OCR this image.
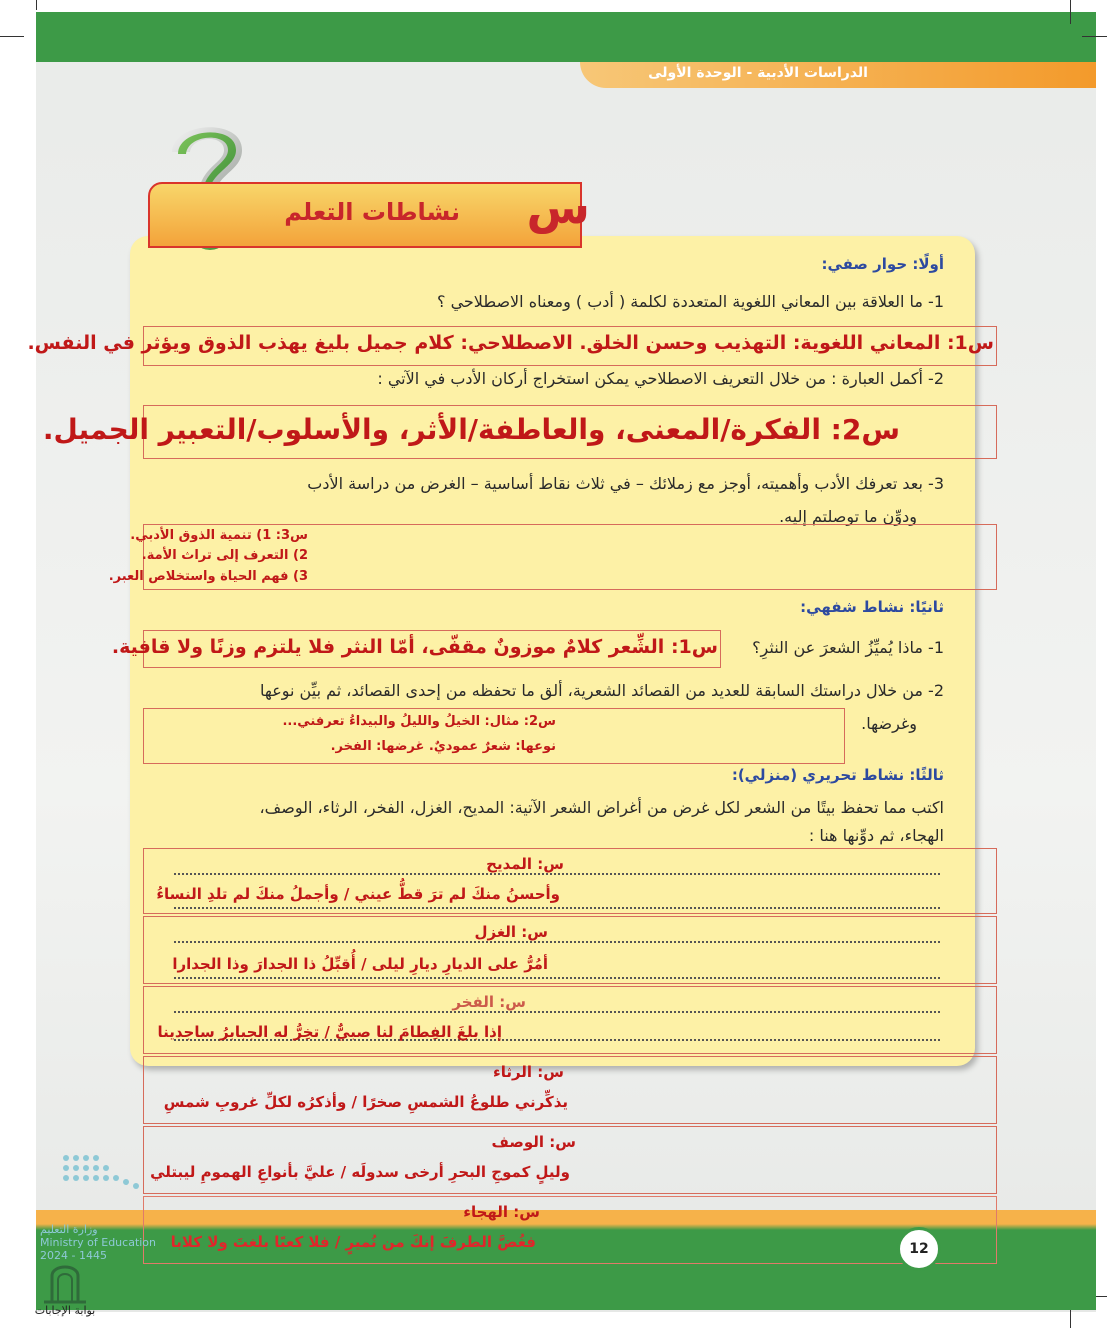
الدراسات الأدبية - الوحدة الأولى
نشاطات التعلم س
أولًا: حوار صفي:
1- ما العلاقة بين المعاني اللغوية المتعددة لكلمة ( أدب ) ومعناه الاصطلاحي ؟
س1: المعاني اللغوية: التهذيب وحسن الخلق. الاصطلاحي: كلام جميل بليغ يهذب الذوق ويؤثر في النفس.
2- أكمل العبارة : من خلال التعريف الاصطلاحي يمكن استخراج أركان الأدب في الآتي :
س2: الفكرة/المعنى، والعاطفة/الأثر، والأسلوب/التعبير الجميل.
3- بعد تعرفك الأدب وأهميته، أوجز مع زملائك – في ثلاث نقاط أساسية – الغرض من دراسة الأدب
ودوِّن ما توصلتم إليه.
س3: 1) تنمية الذوق الأدبي.
2) التعرف إلى تراث الأمة.
3) فهم الحياة واستخلاص العبر.
ثانيًا: نشاط شفهي:
1- ماذا يُميِّزُ الشعرَ عن النثرِ؟
س1: الشِّعر كلامٌ موزونٌ مقفّى، أمّا النثر فلا يلتزم وزنًا ولا قافية.
2- من خلال دراستك السابقة للعديد من القصائد الشعرية، ألق ما تحفظه من إحدى القصائد، ثم بيِّن نوعها
وغرضها.
س2: مثال: الخيلُ والليلُ والبيداءُ تعرفني...
نوعها: شعرٌ عموديٌ. غرضها: الفخر.
ثالثًا: نشاط تحريري (منزلي):
اكتب مما تحفظ بيتًا من الشعر لكل غرض من أغراض الشعر الآتية: المديح، الغزل، الفخر، الرثاء، الوصف،
الهجاء، ثم دوِّنها هنا :
س: المديح
وأحسنُ منكَ لم ترَ قطُّ عيني / وأجملُ منكَ لم تلدِ النساءُ
س: الغزل
أمُرُّ على الديارِ ديارِ ليلى / أُقبِّلُ ذا الجدارَ وذا الجدارا
س: الفخر
إذا بلغَ الفِطامَ لنا صبيٌّ / تخِرُّ له الجبابرُ ساجدينا
س: الرثاء
يذكِّرني طلوعُ الشمسِ صخرًا / وأذكرُه لكلِّ غروبِ شمسِ
س: الوصف
وليلٍ كموجِ البحرِ أرخى سدولَه / عليَّ بأنواعِ الهمومِ ليبتلي
س: الهجاء
فغُضَّ الطرفَ إنكَ من نُميرٍ / فلا كعبًا بلغتَ ولا كلابا
وزارة التعليم
Ministry of Education
2024 - 1445	12
بوابة الإجابات
